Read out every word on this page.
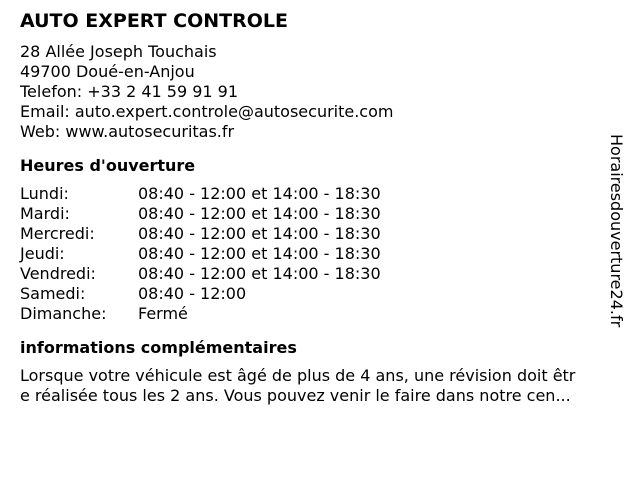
AUTO EXPERT CONTROLE
28 Allée Joseph Touchais
49700 Doué-en-Anjou
Telefon: +33 2 41 59 91 91
Email: auto.expert.controle@autosecurite.com
Web: www.autosecuritas.fr
Heures d'ouverture
Lundi:	08:40 - 12:00 et 14:00 - 18:30
Mardi:	08:40 - 12:00 et 14:00 - 18:30
Mercredi:	08:40 - 12:00 et 14:00 - 18:30
Jeudi:	08:40 - 12:00 et 14:00 - 18:30
Vendredi:	08:40 - 12:00 et 14:00 - 18:30
Samedi:	08:40 - 12:00
Dimanche:	Fermé
informations complémentaires
Lorsque votre véhicule est âgé de plus de 4 ans, une révision doit êtr
e réalisée tous les 2 ans. Vous pouvez venir le faire dans notre cen...
Horairesdouverture24.fr
